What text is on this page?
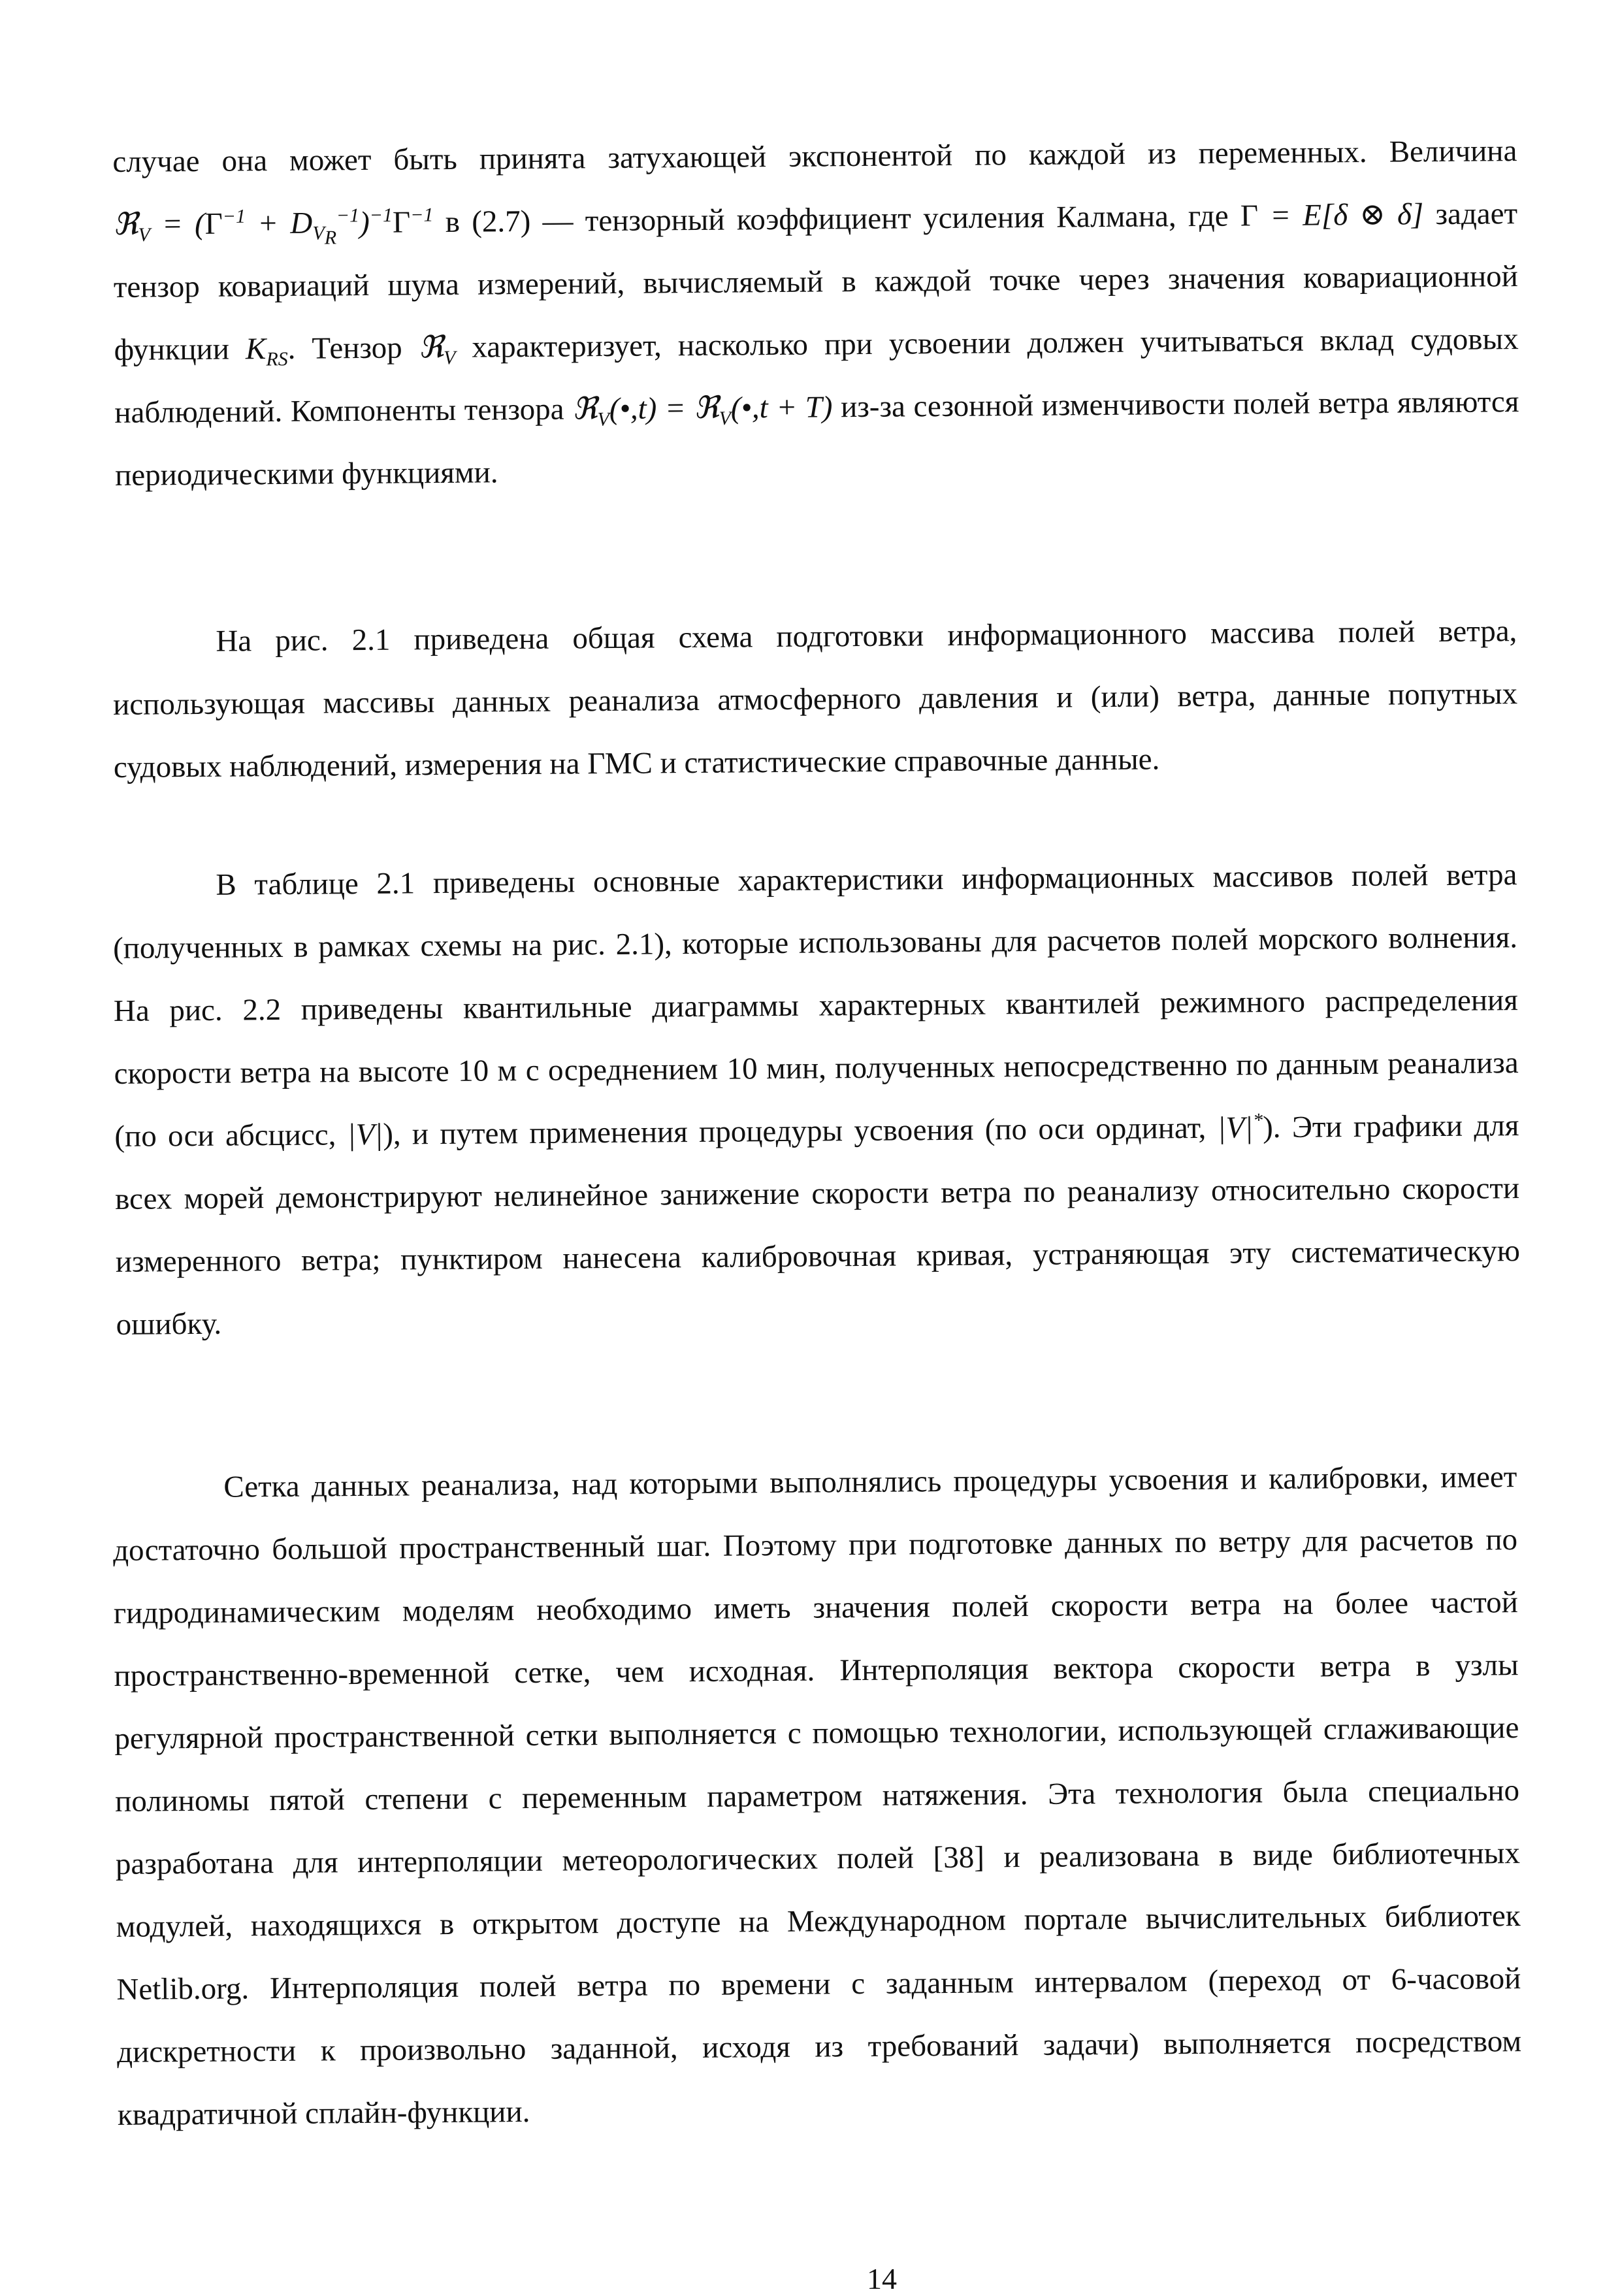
случае она может быть принята затухающей экспонентой по каждой из переменных. Величина ℜ$_V$ = $(\Gamma^{-1} + D_{V_R}^{-1})^{-1}\Gamma^{-1}$ в (2.7) — тензорный коэффициент усиления Калмана, где Γ = E[δ ⊗ δ] задает тензор ковариаций шума измерений, вычисляемый в каждой точке через значения ковариационной функции $K_{RS}$. Тензор ℜ$_V$ характеризует, насколько при усвоении должен учитываться вклад судовых наблюдений. Компоненты тензора ℜ$_V$(•,t) = ℜ$_V$(•,t + T) из-за сезонной изменчивости полей ветра являются периодическими функциями.

На рис. 2.1 приведена общая схема подготовки информационного массива полей ветра, использующая массивы данных реанализа атмосферного давления и (или) ветра, данные попутных судовых наблюдений, измерения на ГМС и статистические справочные данные.

В таблице 2.1 приведены основные характеристики информационных массивов полей ветра (полученных в рамках схемы на рис. 2.1), которые использованы для расчетов полей морского волнения. На рис. 2.2 приведены квантильные диаграммы характерных квантилей режимного распределения скорости ветра на высоте 10 м с осреднением 10 мин, полученных непосредственно по данным реанализа (по оси абсцисс, |V|), и путем применения процедуры усвоения (по оси ординат, |V|*). Эти графики для всех морей демонстрируют нелинейное занижение скорости ветра по реанализу относительно скорости измеренного ветра; пунктиром нанесена калибровочная кривая, устраняющая эту систематическую ошибку.

Сетка данных реанализа, над которыми выполнялись процедуры усвоения и калибровки, имеет достаточно большой пространственный шаг. Поэтому при подготовке данных по ветру для расчетов по гидродинамическим моделям необходимо иметь значения полей скорости ветра на более частой пространственно-временной сетке, чем исходная. Интерполяция вектора скорости ветра в узлы регулярной пространственной сетки выполняется с помощью технологии, использующей сглаживающие полиномы пятой степени с переменным параметром натяжения. Эта технология была специально разработана для интерполяции метеорологических полей [38] и реализована в виде библиотечных модулей, находящихся в открытом доступе на Международном портале вычислительных библиотек Netlib.org. Интерполяция полей ветра по времени с заданным интервалом (переход от 6-часовой дискретности к произвольно заданной, исходя из требований задачи) выполняется посредством квадратичной сплайн-функции.

14
